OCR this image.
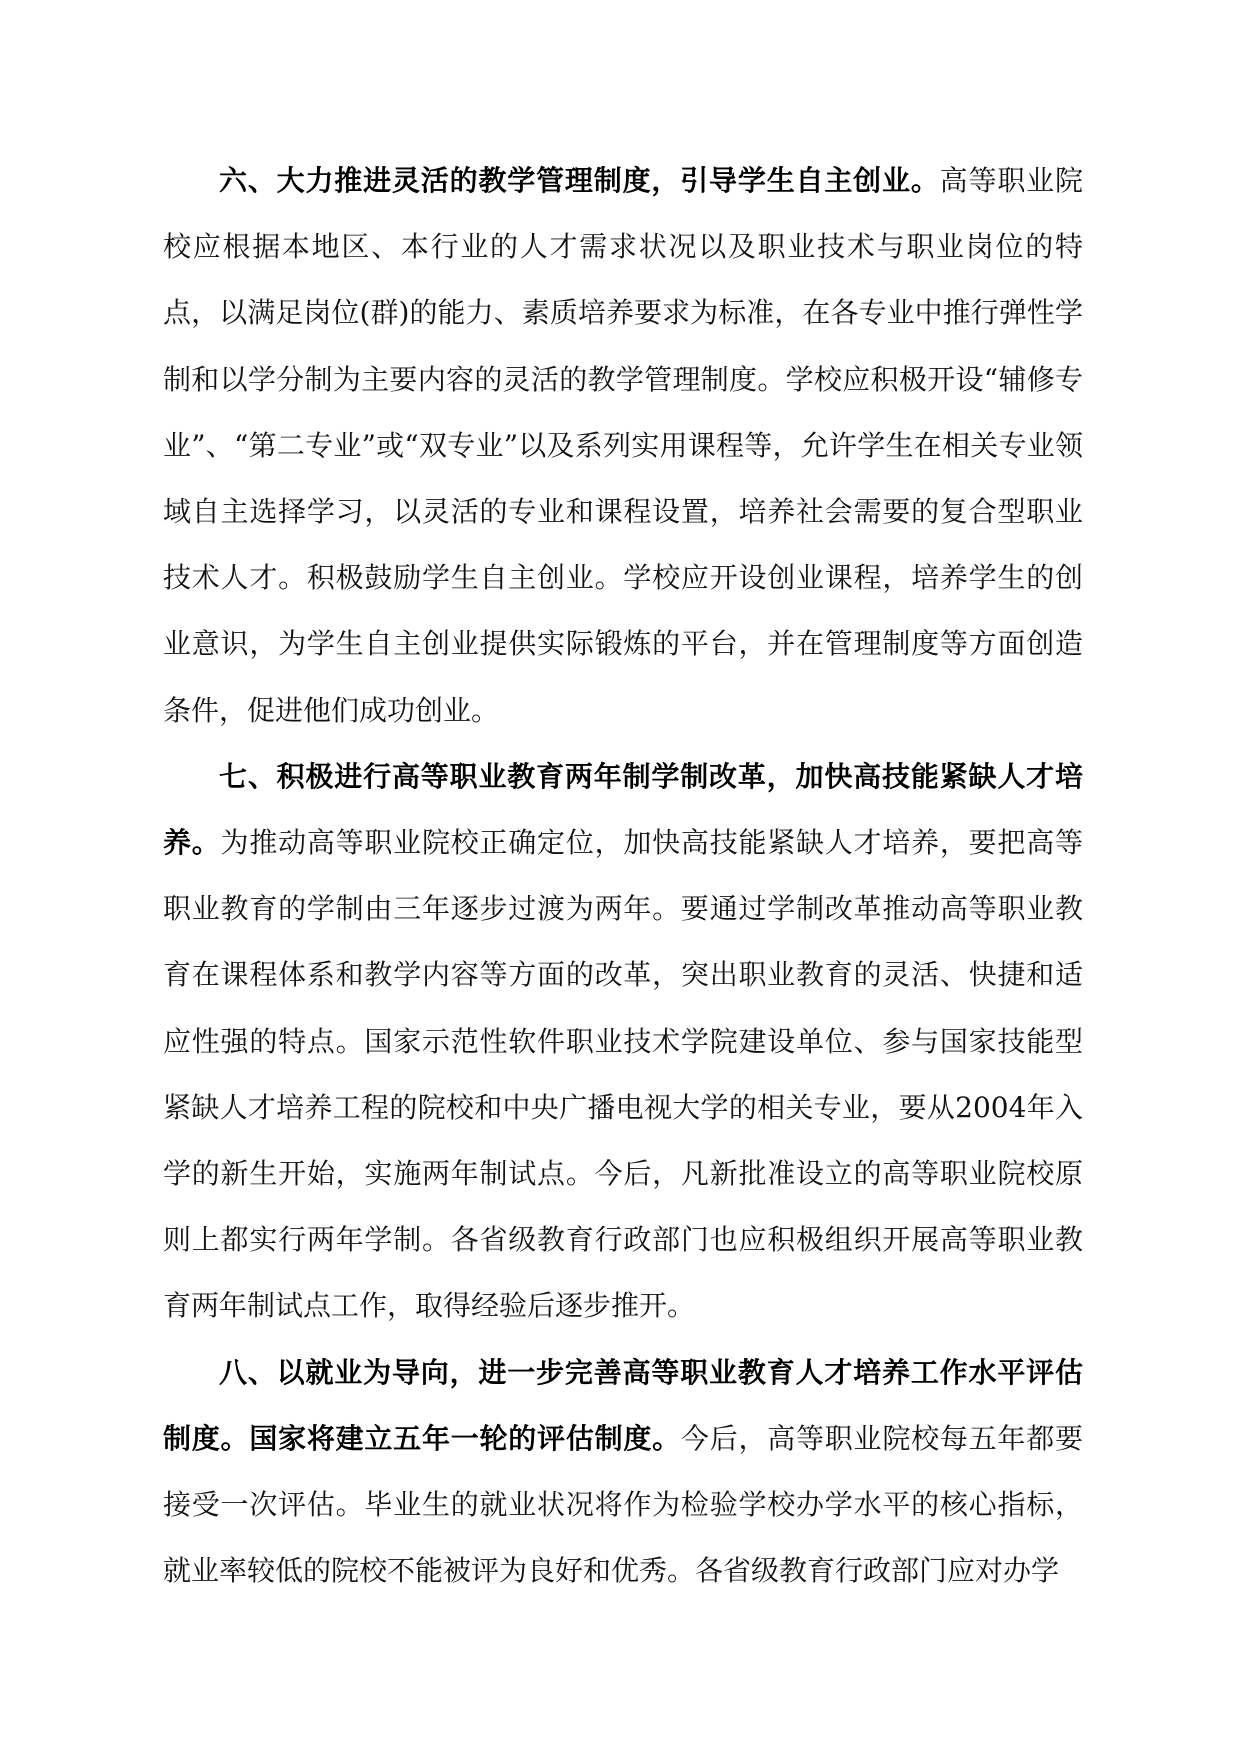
六、大力推进灵活的教学管理制度，引导学生自主创业。高等职业院校应根据本地区、本行业的人才需求状况以及职业技术与职业岗位的特点，以满足岗位(群)的能力、素质培养要求为标准，在各专业中推行弹性学制和以学分制为主要内容的灵活的教学管理制度。学校应积极开设“辅修专业”、“第二专业”或“双专业”以及系列实用课程等，允许学生在相关专业领域自主选择学习，以灵活的专业和课程设置，培养社会需要的复合型职业技术人才。积极鼓励学生自主创业。学校应开设创业课程，培养学生的创业意识，为学生自主创业提供实际锻炼的平台，并在管理制度等方面创造条件，促进他们成功创业。

七、积极进行高等职业教育两年制学制改革，加快高技能紧缺人才培养。为推动高等职业院校正确定位，加快高技能紧缺人才培养，要把高等职业教育的学制由三年逐步过渡为两年。要通过学制改革推动高等职业教育在课程体系和教学内容等方面的改革，突出职业教育的灵活、快捷和适应性强的特点。国家示范性软件职业技术学院建设单位、参与国家技能型紧缺人才培养工程的院校和中央广播电视大学的相关专业，要从2004年入学的新生开始，实施两年制试点。今后，凡新批准设立的高等职业院校原则上都实行两年学制。各省级教育行政部门也应积极组织开展高等职业教育两年制试点工作，取得经验后逐步推开。

八、以就业为导向，进一步完善高等职业教育人才培养工作水平评估制度。国家将建立五年一轮的评估制度。今后，高等职业院校每五年都要接受一次评估。毕业生的就业状况将作为检验学校办学水平的核心指标，就业率较低的院校不能被评为良好和优秀。各省级教育行政部门应对办学
